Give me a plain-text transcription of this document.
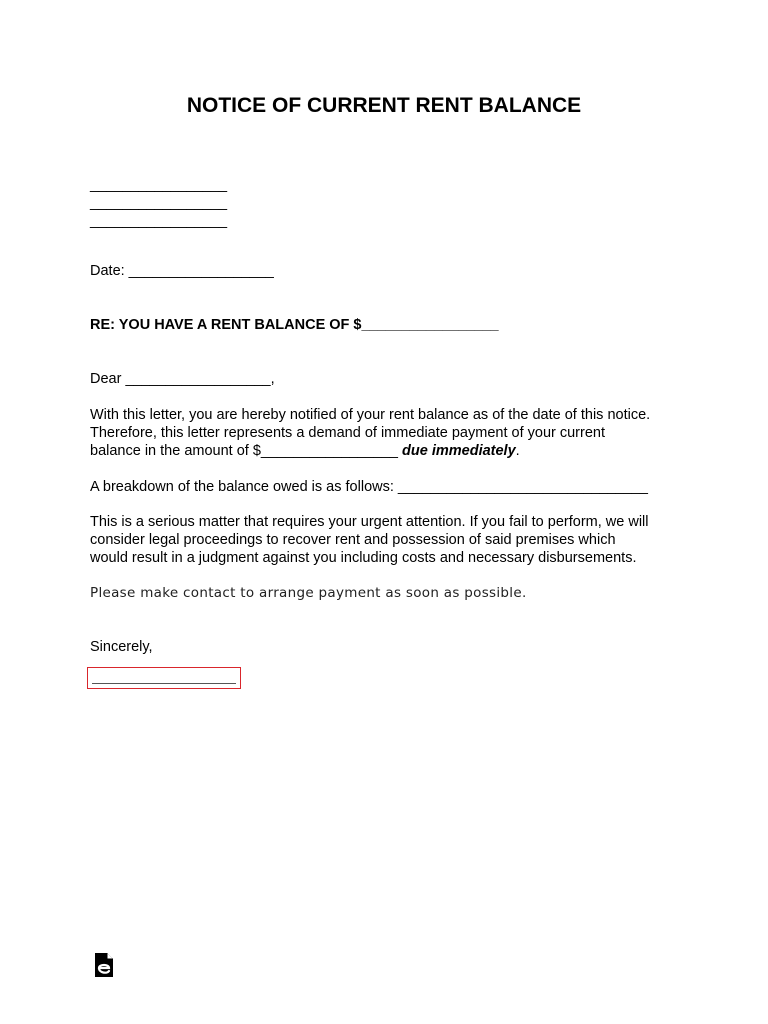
NOTICE OF CURRENT RENT BALANCE
_________________
_________________
_________________
Date: __________________
RE: YOU HAVE A RENT BALANCE OF $_________________
Dear __________________,
With this letter, you are hereby notified of your rent balance as of the date of this notice.
Therefore, this letter represents a demand of immediate payment of your current
balance in the amount of $_________________ due immediately.
A breakdown of the balance owed is as follows: _______________________________
This is a serious matter that requires your urgent attention. If you fail to perform, we will
consider legal proceedings to recover rent and possession of said premises which
would result in a judgment against you including costs and necessary disbursements.
Please make contact to arrange payment as soon as possible.
Sincerely,
